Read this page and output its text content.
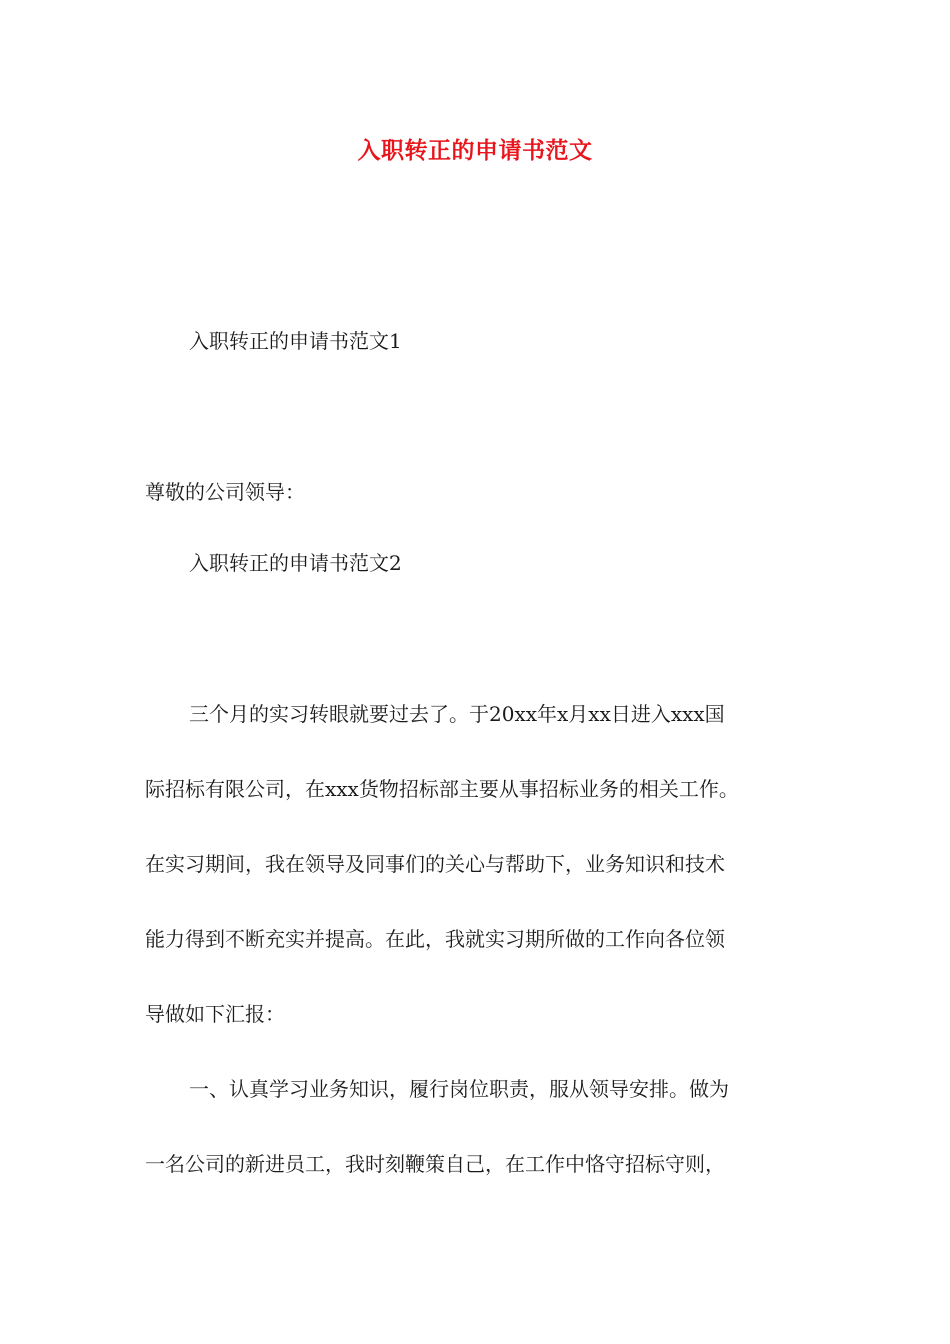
入职转正的申请书范文
入职转正的申请书范文1
尊敬的公司领导：
入职转正的申请书范文2
三个月的实习转眼就要过去了。于20xx年x月xx日进入xxx国
际招标有限公司，在xxx货物招标部主要从事招标业务的相关工作。
在实习期间，我在领导及同事们的关心与帮助下，业务知识和技术
能力得到不断充实并提高。在此，我就实习期所做的工作向各位领
导做如下汇报：
一、认真学习业务知识，履行岗位职责，服从领导安排。做为
一名公司的新进员工，我时刻鞭策自己，在工作中恪守招标守则，
